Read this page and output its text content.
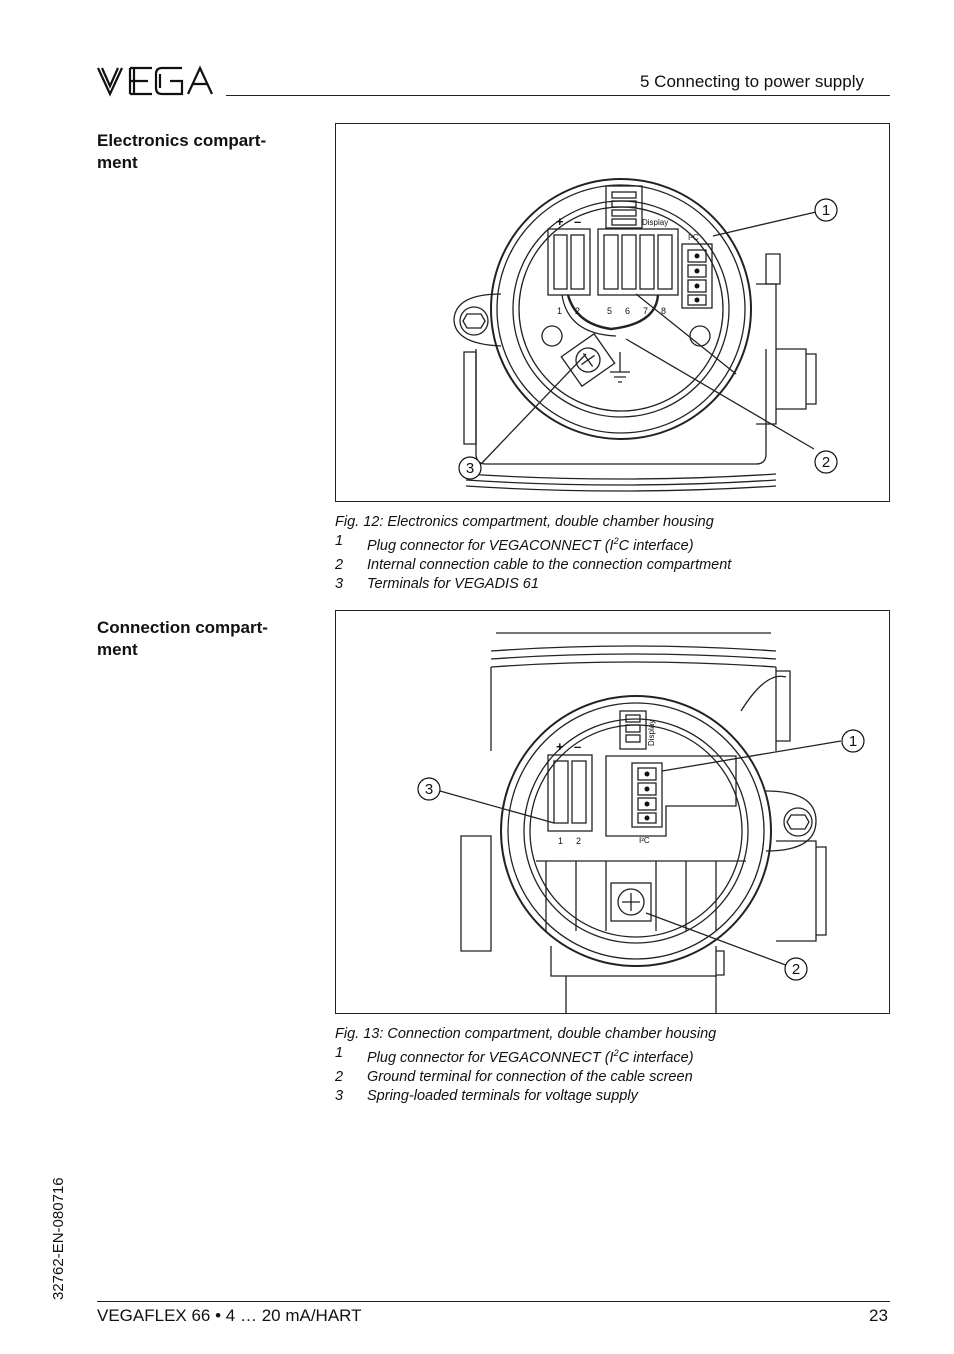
5 Connecting to power supply
Electronics compart-
ment
+ –	Display
I²C
1 2	5 6 7 8
1
2
3
Fig. 12: Electronics compartment, double chamber housing
1	Plug connector for VEGACONNECT ($I^2C$ interface)
2	Internal connection cable to the connection compartment
3	Terminals for VEGADIS 61
Connection compart-
ment
+ –
Display
I²C
1 2
1
2
3
Fig. 13: Connection compartment, double chamber housing
1	Plug connector for VEGACONNECT ($I^2C$ interface)
2	Ground terminal for connection of the cable screen
3	Spring-loaded terminals for voltage supply
32762-EN-080716
VEGAFLEX 66 • 4 … 20 mA/HART	23
